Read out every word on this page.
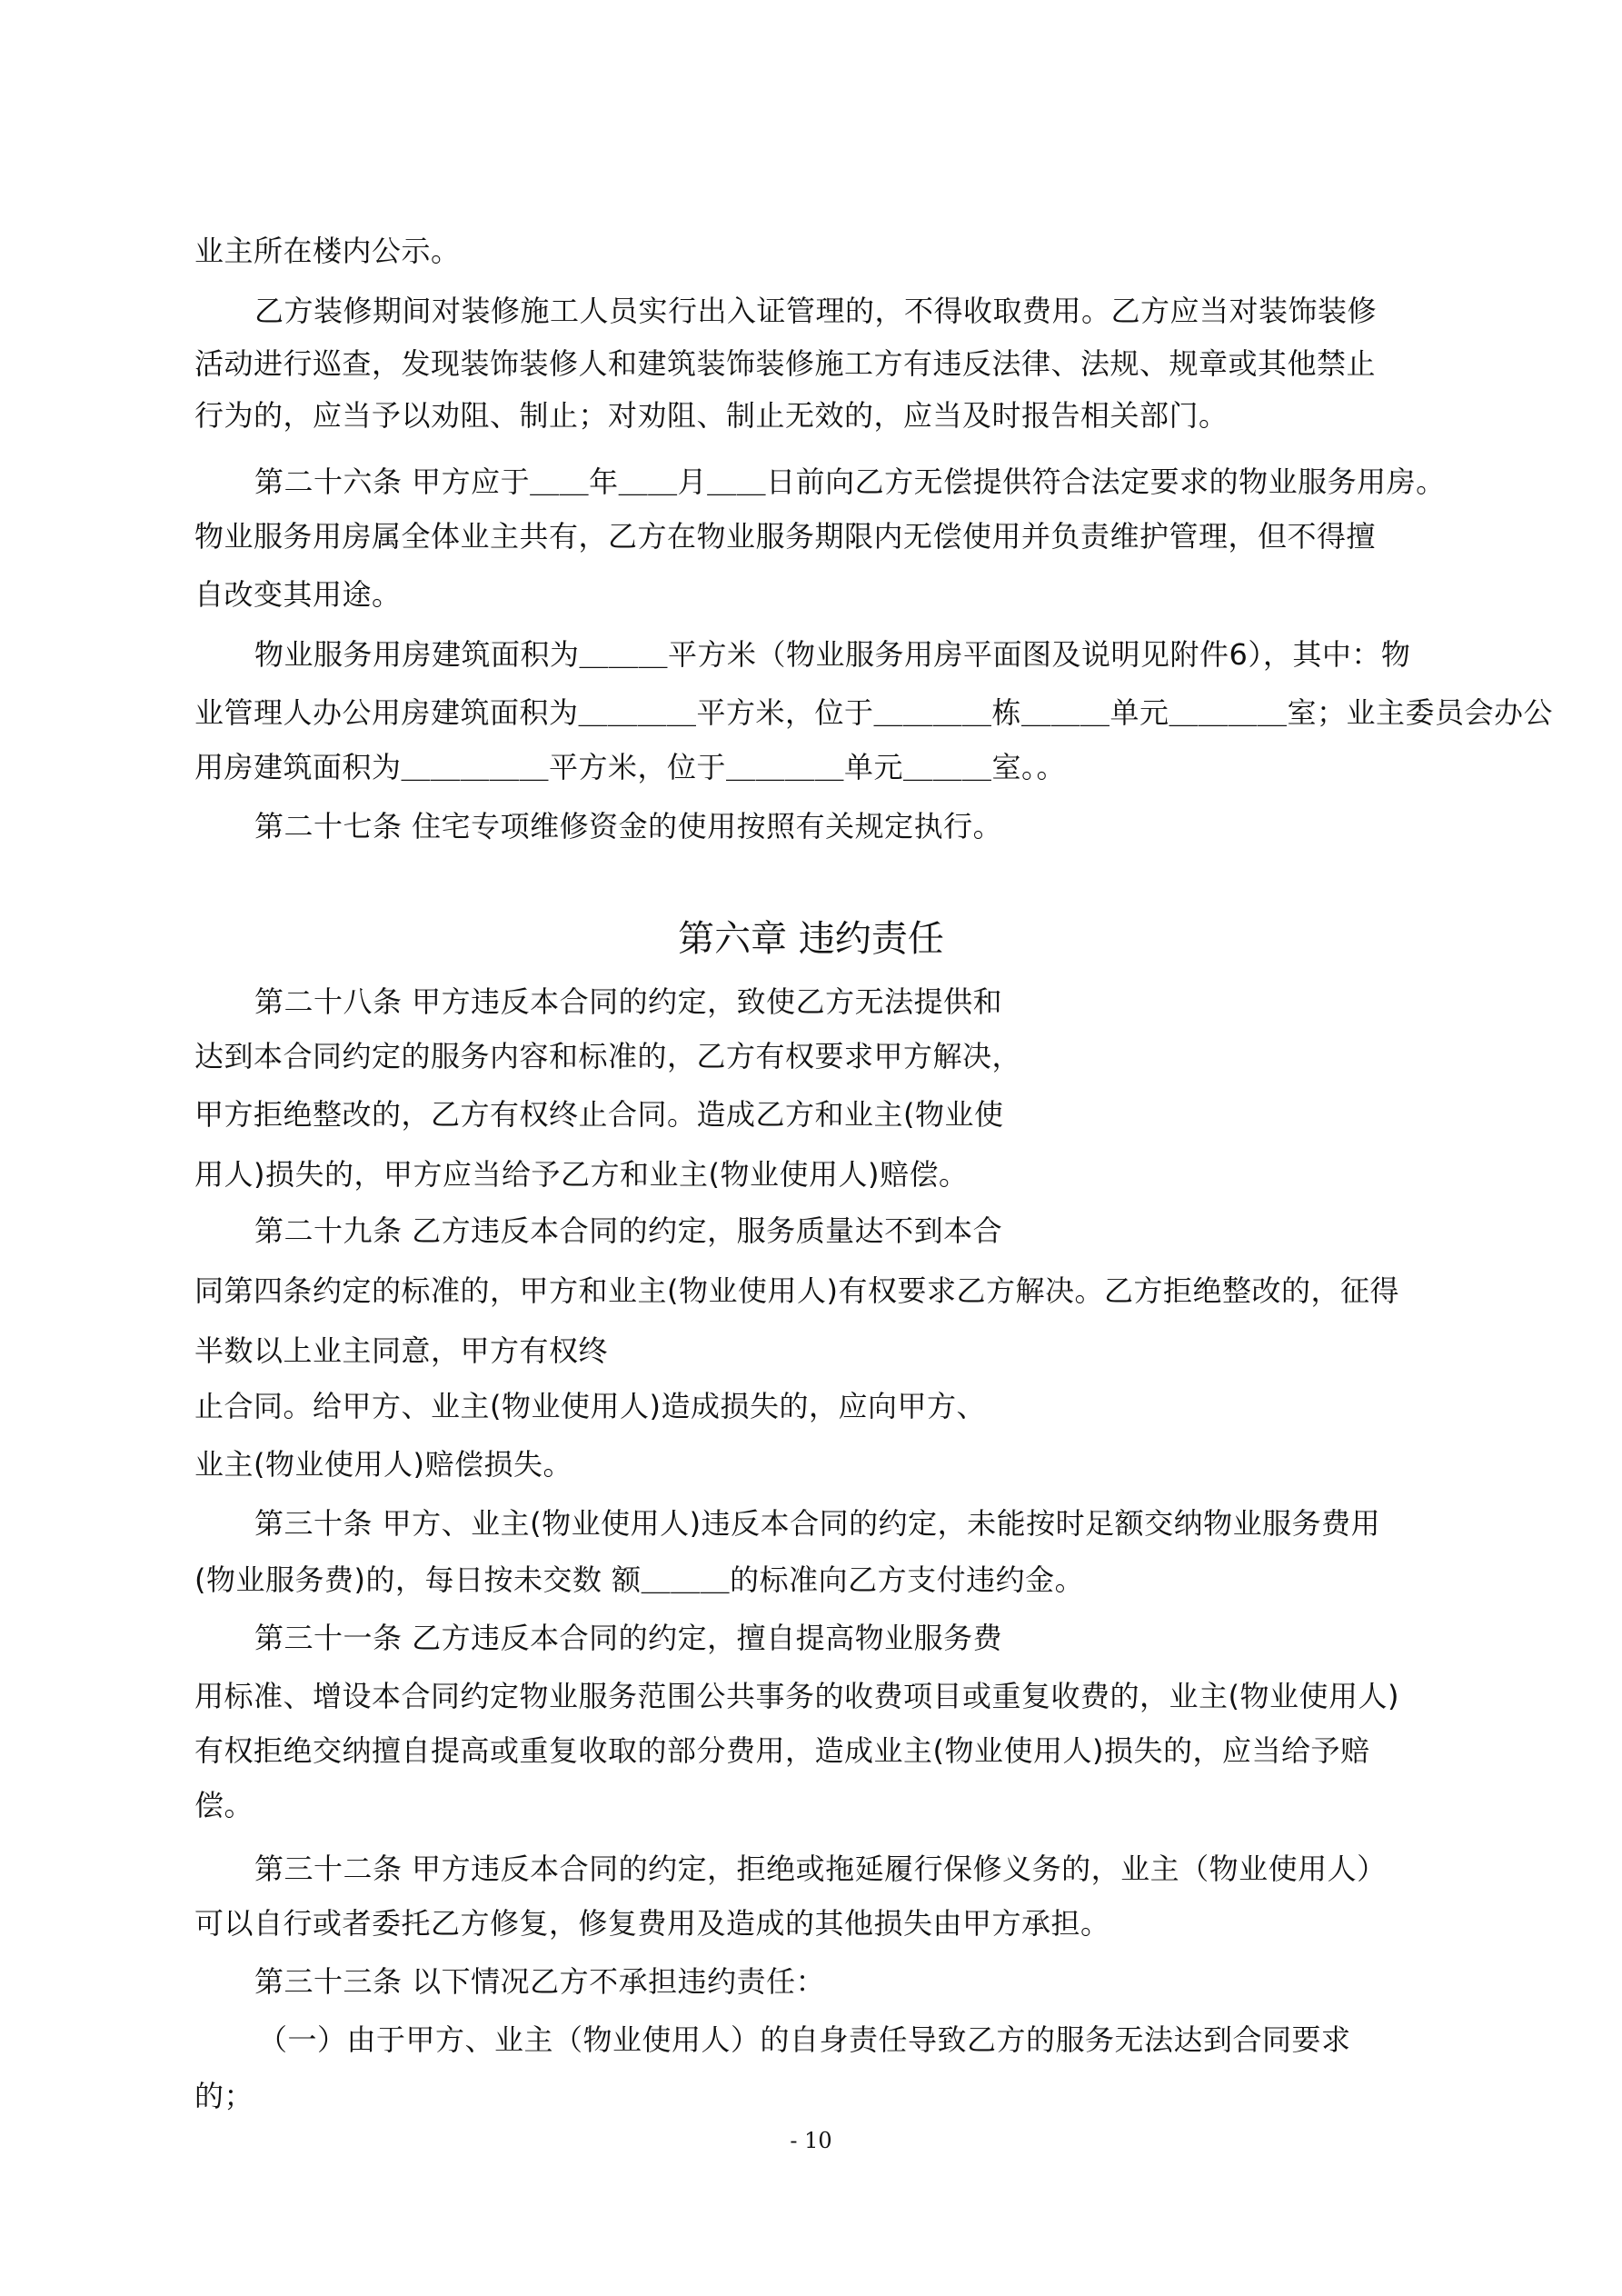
业主所在楼内公示。
乙方装修期间对装修施工人员实行出入证管理的，不得收取费用。乙方应当对装饰装修
活动进行巡查，发现装饰装修人和建筑装饰装修施工方有违反法律、法规、规章或其他禁止
行为的，应当予以劝阻、制止；对劝阻、制止无效的，应当及时报告相关部门。
第二十六条 甲方应于＿＿年＿＿月＿＿日前向乙方无偿提供符合法定要求的物业服务用房。
物业服务用房属全体业主共有，乙方在物业服务期限内无偿使用并负责维护管理，但不得擅
自改变其用途。
物业服务用房建筑面积为＿＿＿平方米（物业服务用房平面图及说明见附件6），其中：物
业管理人办公用房建筑面积为＿＿＿＿平方米，位于＿＿＿＿栋＿＿＿单元＿＿＿＿室；业主委员会办公
用房建筑面积为＿＿＿＿＿平方米，位于＿＿＿＿单元＿＿＿室。。
第二十七条 住宅专项维修资金的使用按照有关规定执行。
第六章 违约责任
第二十八条 甲方违反本合同的约定，致使乙方无法提供和
达到本合同约定的服务内容和标准的，乙方有权要求甲方解决，
甲方拒绝整改的，乙方有权终止合同。造成乙方和业主(物业使
用人)损失的，甲方应当给予乙方和业主(物业使用人)赔偿。
第二十九条 乙方违反本合同的约定，服务质量达不到本合
同第四条约定的标准的，甲方和业主(物业使用人)有权要求乙方解决。乙方拒绝整改的，征得
半数以上业主同意，甲方有权终
止合同。给甲方、业主(物业使用人)造成损失的，应向甲方、
业主(物业使用人)赔偿损失。
第三十条 甲方、业主(物业使用人)违反本合同的约定，未能按时足额交纳物业服务费用
(物业服务费)的，每日按未交数 额＿＿＿的标准向乙方支付违约金。
第三十一条 乙方违反本合同的约定，擅自提高物业服务费
用标准、增设本合同约定物业服务范围公共事务的收费项目或重复收费的，业主(物业使用人)
有权拒绝交纳擅自提高或重复收取的部分费用，造成业主(物业使用人)损失的，应当给予赔
偿。
第三十二条 甲方违反本合同的约定，拒绝或拖延履行保修义务的，业主（物业使用人）
可以自行或者委托乙方修复，修复费用及造成的其他损失由甲方承担。
第三十三条 以下情况乙方不承担违约责任：
（一）由于甲方、业主（物业使用人）的自身责任导致乙方的服务无法达到合同要求
的；
- 10
